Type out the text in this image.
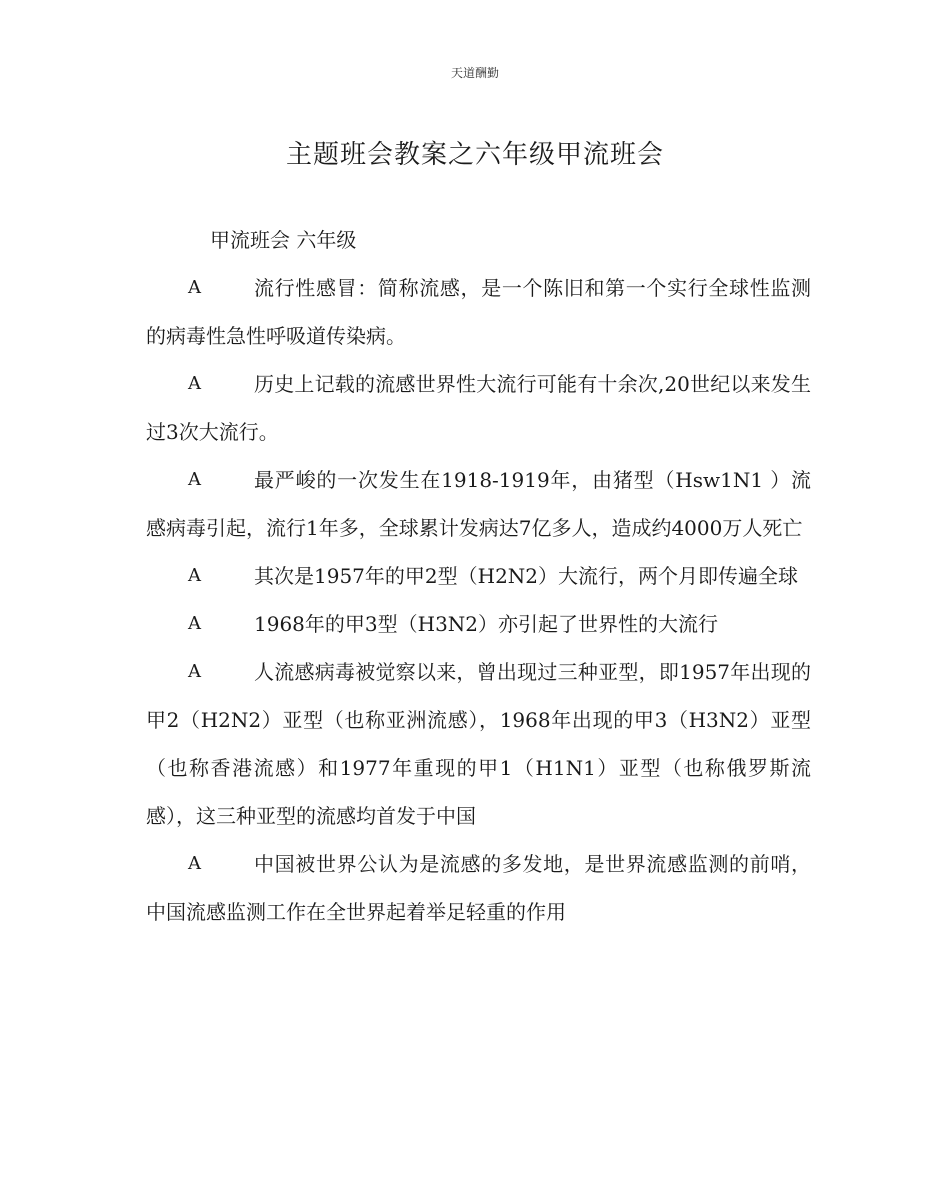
天道酬勤
主题班会教案之六年级甲流班会
甲流班会 六年级
A	流行性感冒：简称流感，是一个陈旧和第一个实行全球性监测的病毒性急性呼吸道传染病。
A	历史上记载的流感世界性大流行可能有十余次,20世纪以来发生过3次大流行。
A	最严峻的一次发生在1918-1919年，由猪型（Hsw1N1 ）流感病毒引起，流行1年多，全球累计发病达7亿多人，造成约4000万人死亡
A	其次是1957年的甲2型（H2N2）大流行，两个月即传遍全球
A	1968年的甲3型（H3N2）亦引起了世界性的大流行
A	人流感病毒被觉察以来，曾出现过三种亚型，即1957年出现的甲2（H2N2）亚型（也称亚洲流感），1968年出现的甲3（H3N2）亚型（也称香港流感）和1977年重现的甲1（H1N1）亚型（也称俄罗斯流感），这三种亚型的流感均首发于中国
A	中国被世界公认为是流感的多发地，是世界流感监测的前哨，中国流感监测工作在全世界起着举足轻重的作用
